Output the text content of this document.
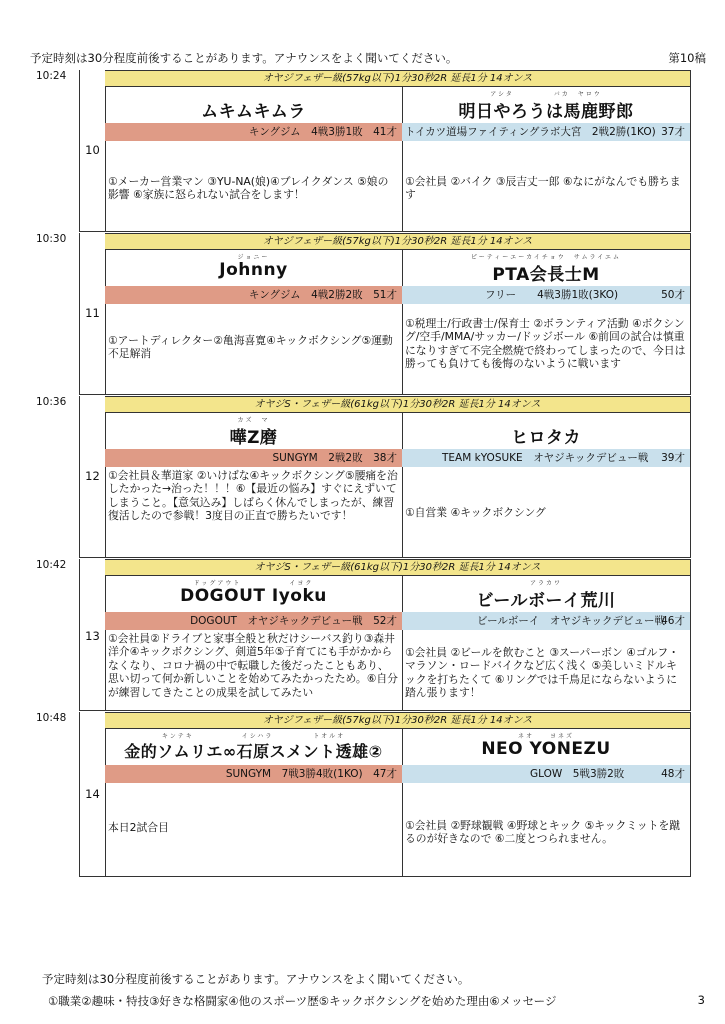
予定時刻は30分程度前後することがあります。アナウンスをよく聞いてください。	第10稿
10:24
10
オヤジフェザー級(57kg以下)1分30秒2R 延長1分 14オンス
ムキムキムラ
キングジム　 4戦3勝1敗　 41才
①メーカー営業マン ③YU-NA(娘)④ブレイクダンス ⑤娘の影響 ⑥家族に怒られない試合をします！
アシタ　　　　　バカ　ヤロウ
明日やろうは馬鹿野郎
トイカツ道場ファイティングラボ大宮　 2戦2勝(1KO)　 37才
①会社員 ②バイク ③辰吉丈一郎 ⑥なにがなんでも勝ちます
10:30
11
オヤジフェザー級(57kg以下)1分30秒2R 延長1分 14オンス
ジョニー
Johnny
キングジム　 4戦2勝2敗　 51才
①アートディレクター②亀海喜寛④キックボクシング⑤運動不足解消
ピーティーエーカイチョウ　サムライエム
PTA会長士M
フリー　　 4戦3勝1敗(3KO)　	50才
①税理士/行政書士/保育士 ②ボランティア活動 ④ボクシング/空手/MMA/サッカー/ドッジボール ⑥前回の試合は慎重になりすぎて不完全燃焼で終わってしまったので、今日は勝っても負けても後悔のないように戦います
10:36
12
オヤジS・フェザー級(61kg以下)1分30秒2R 延長1分 14オンス
カズ　マ
嘩Z磨
SUNGYM　 2戦2敗　 38才
①会社員＆華道家 ②いけばな④キックボクシング⑤腰痛を治したかった→治った！！！⑥【最近の悩み】すぐにえずいてしまうこと。【意気込み】しばらく休んでしまったが、練習復活したので参戦！3度目の正直で勝ちたいです！
ヒロタカ
TEAM kYOSUKE　 オヤジキックデビュー戦　 39才
①自営業 ④キックボクシング
10:42
13
オヤジS・フェザー級(61kg以下)1分30秒2R 延長1分 14オンス
ドッグアウト　　　　　　イヨク
DOGOUT Iyoku
DOGOUT　 オヤジキックデビュー戦　 52才
①会社員②ドライブと家事全般と秋だけシーバス釣り③森井洋介④キックボクシング、剣道5年⑤子育てにも手がかからなくなり、コロナ禍の中で転職した後だったこともあり、思い切って何か新しいことを始めてみたかったため。⑥自分が練習してきたことの成果を試してみたい
アラカワ
ビールボーイ荒川
ビールボーイ　 オヤジキックデビュー戦　
46才
①会社員 ②ビールを飲むこと ③スーパーボン ④ゴルフ・マラソン・ロードバイクなど広く浅く ⑤美しいミドルキックを打ちたくて ⑥リングでは千鳥足にならないように踏ん張ります！
10:48
14
オヤジフェザー級(57kg以下)1分30秒2R 延長1分 14オンス
キンテキ　　　　　　イシハラ　　　　　トオルオ
金的ソムリエ∞石原スメント透雄②
SUNGYM　 7戦3勝4敗(1KO)　 47才
本日2試合目
ネオ　　ヨネズ
NEO YONEZU
GLOW　 5戦3勝2敗　	48才
①会社員 ②野球観戦 ④野球とキック ⑤キックミットを蹴るのが好きなので ⑥二度とつられません。
予定時刻は30分程度前後することがあります。アナウンスをよく聞いてください。
①職業②趣味・特技③好きな格闘家④他のスポーツ歴⑤キックボクシングを始めた理由⑥メッセージ	3
